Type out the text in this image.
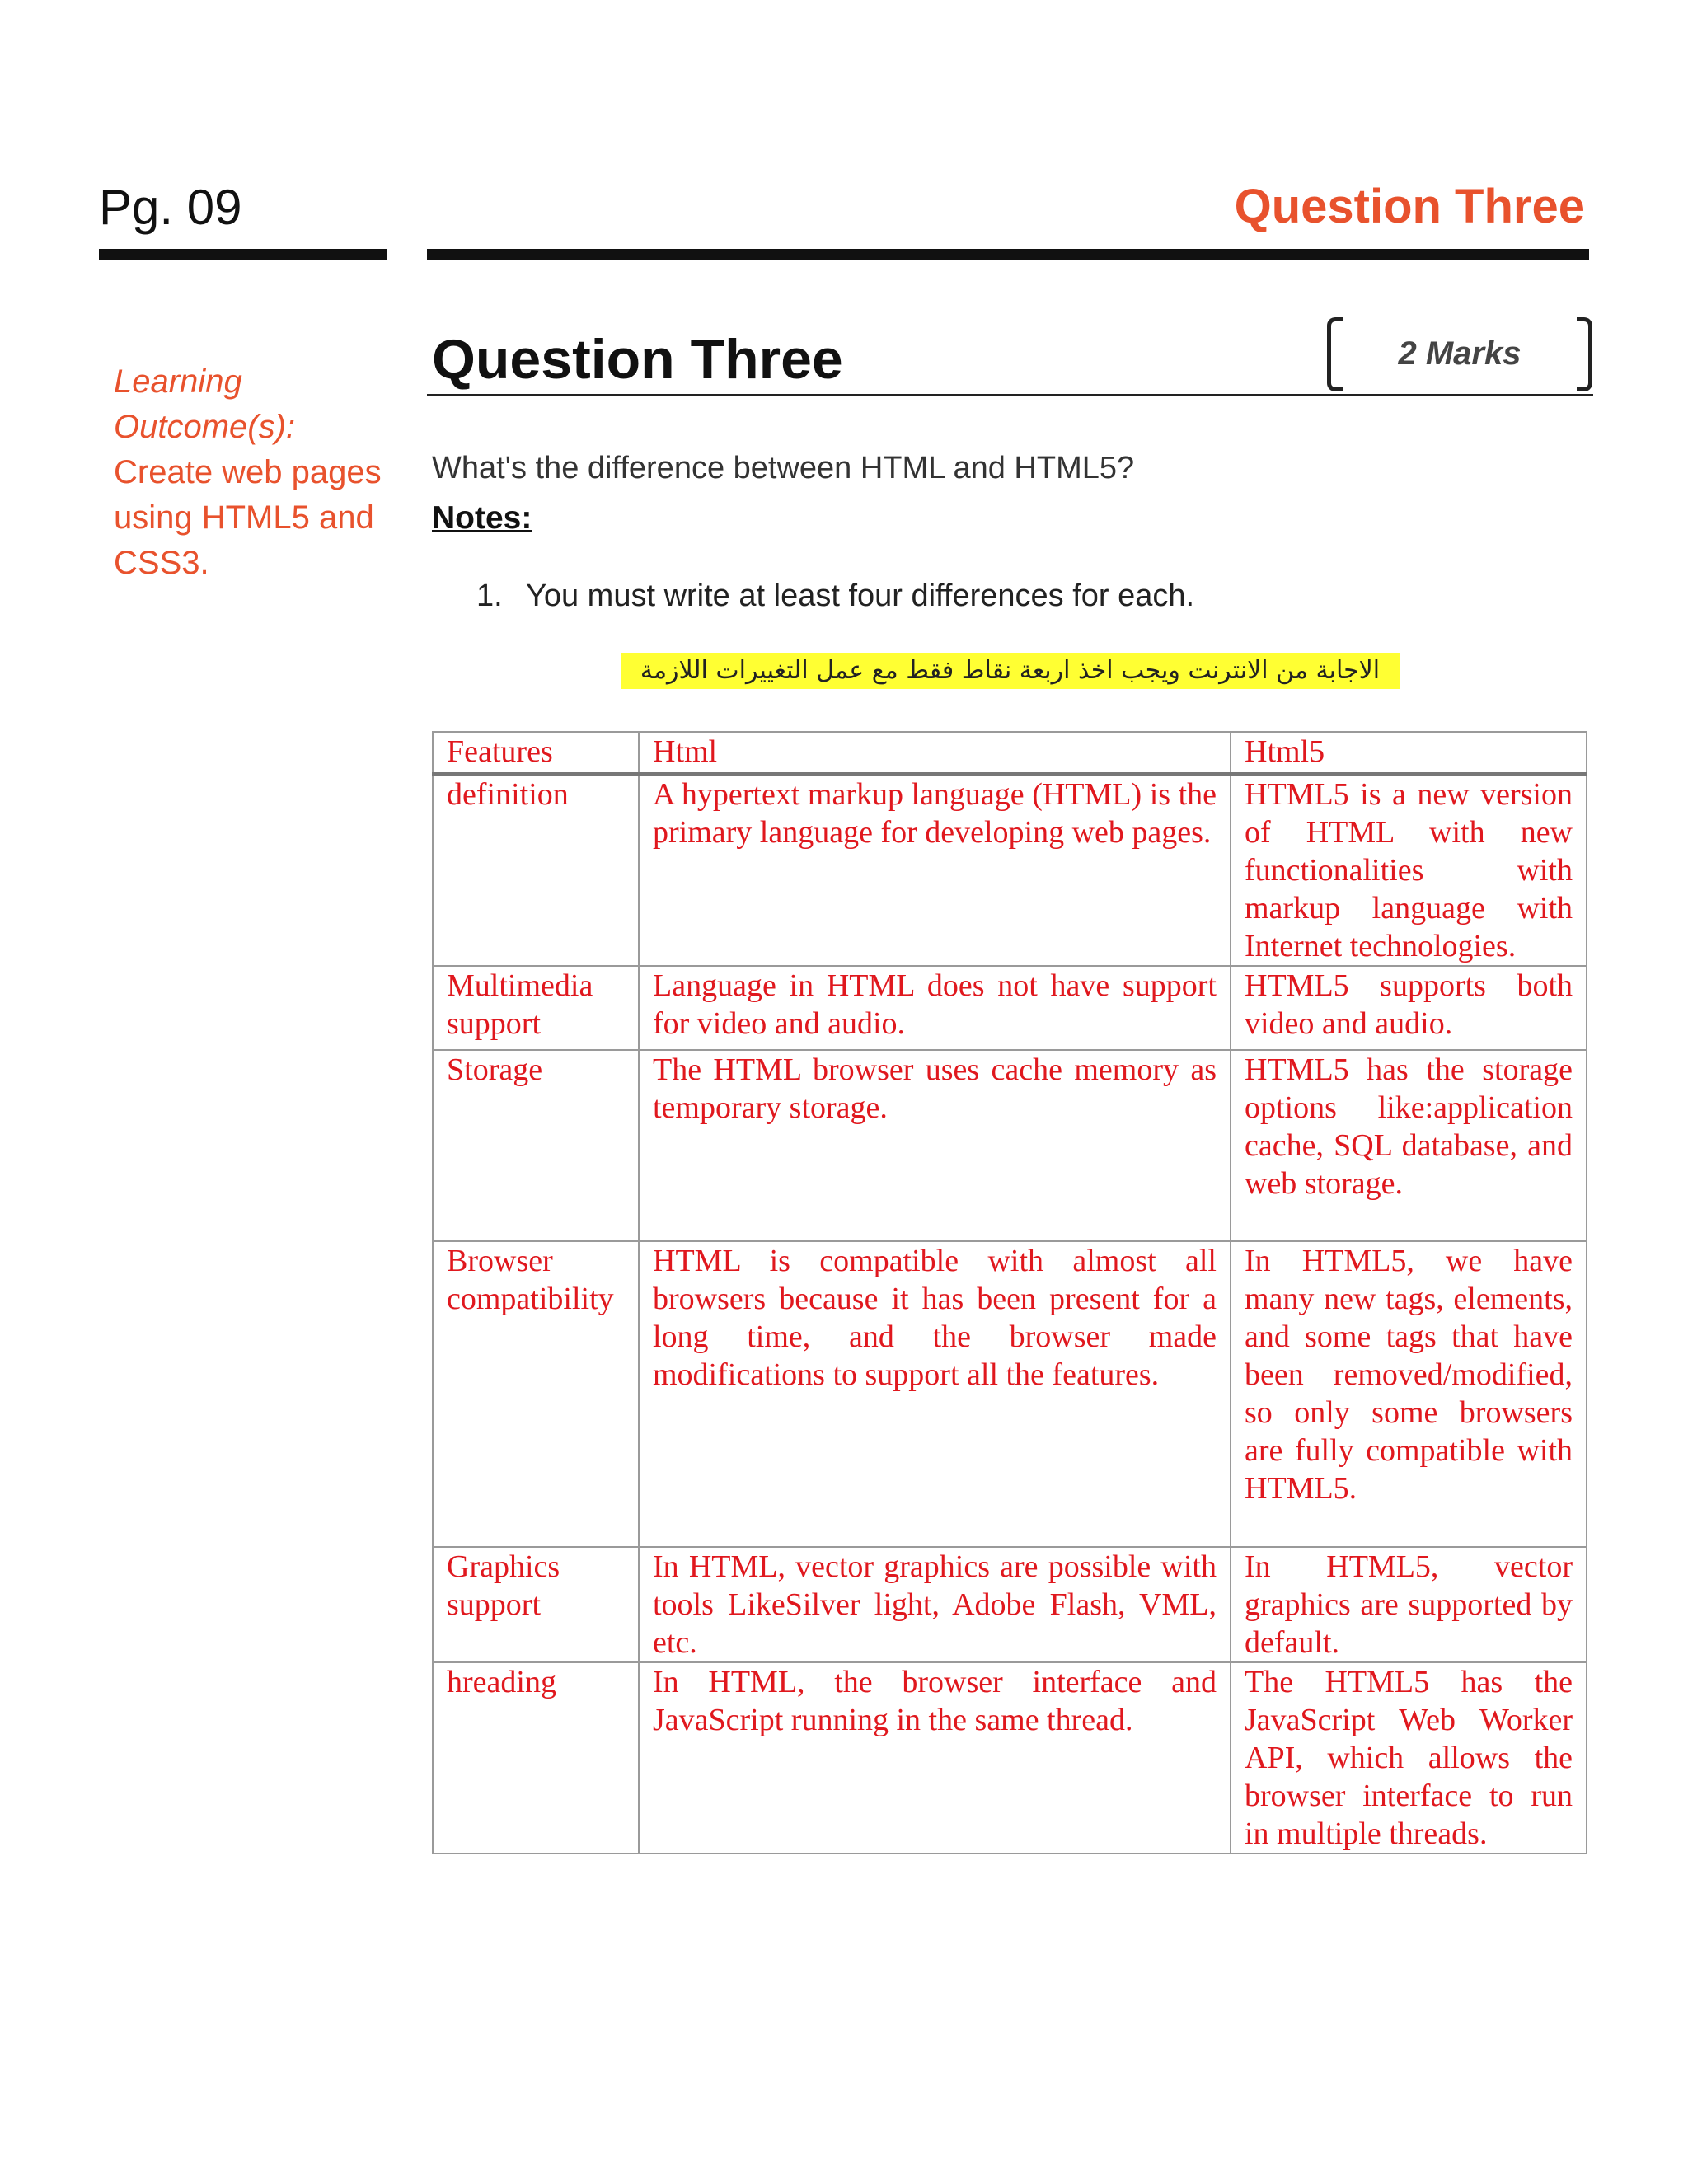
Pg. 09	Question Three
Learning Outcome(s):
Create web pages using HTML5 and CSS3.
Question Three	2 Marks
What's the difference between HTML and HTML5?
Notes:
1. You must write at least four differences for each.
الاجابة من الانترنت ويجب اخذ اربعة نقاط فقط مع عمل التغييرات اللازمة
Features	Html	Html5
definition	A hypertext markup language (HTML) is the primary language for developing web pages.	HTML5 is a new version of HTML with new functionalities with markup language with Internet technologies.
Multimedia support	Language in HTML does not have support for video and audio.	HTML5 supports both video and audio.
Storage	The HTML browser uses cache memory as temporary storage.	HTML5 has the storage options like:application cache, SQL database, and web storage.
Browser compatibility	HTML is compatible with almost all browsers because it has been present for a long time, and the browser made modifications to support all the features.	In HTML5, we have many new tags, elements, and some tags that have been removed/modified, so only some browsers are fully compatible with HTML5.
Graphics support	In HTML, vector graphics are possible with tools LikeSilver light, Adobe Flash, VML, etc.	In HTML5, vector graphics are supported by default.
hreading	In HTML, the browser interface and JavaScript running in the same thread.	The HTML5 has the JavaScript Web Worker API, which allows the browser interface to run in multiple threads.
